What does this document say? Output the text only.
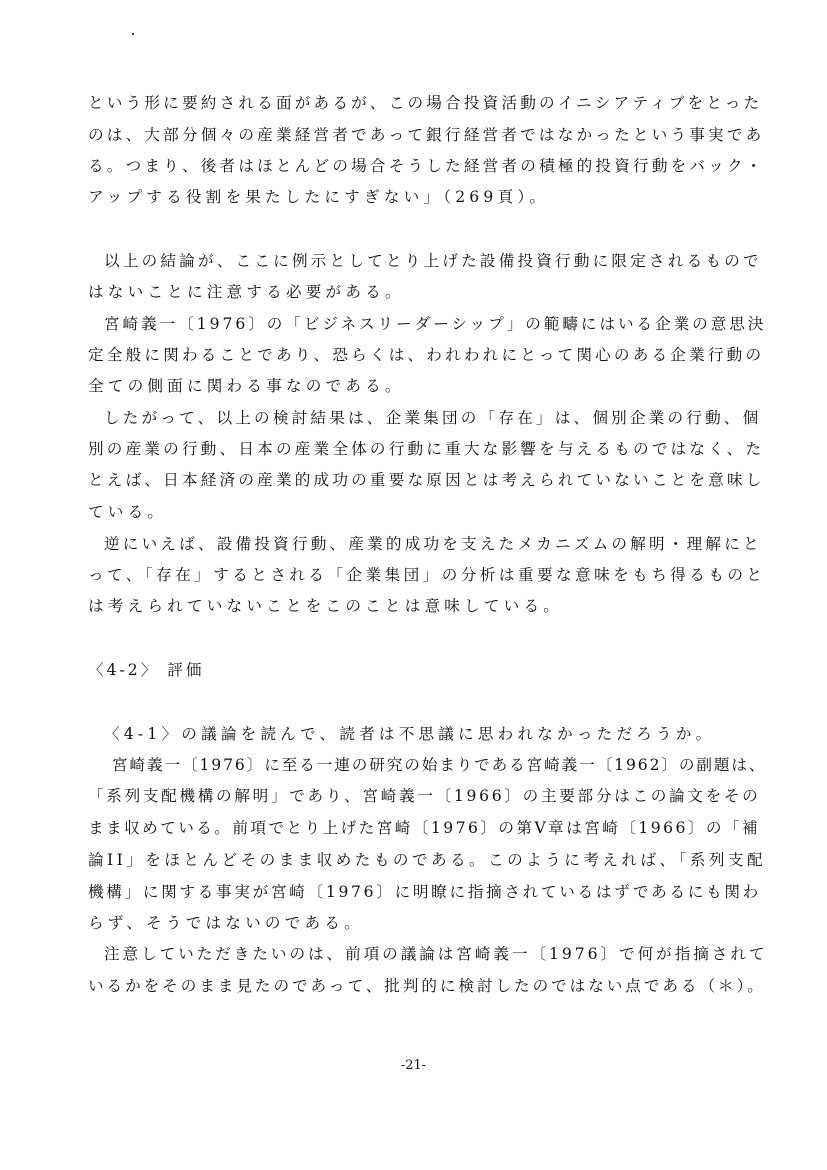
という形に要約される面があるが、この場合投資活動のイニシアティブをとった
のは、大部分個々の産業経営者であって銀行経営者ではなかったという事実であ
る。つまり、後者はほとんどの場合そうした経営者の積極的投資行動をバック・
アップする役割を果たしたにすぎない」（269頁）。
以上の結論が、ここに例示としてとり上げた設備投資行動に限定されるもので
はないことに注意する必要がある。
宮崎義一〔1976〕の「ビジネスリーダーシップ」の範疇にはいる企業の意思決
定全般に関わることであり、恐らくは、われわれにとって関心のある企業行動の
全ての側面に関わる事なのである。
したがって、以上の検討結果は、企業集団の「存在」は、個別企業の行動、個
別の産業の行動、日本の産業全体の行動に重大な影響を与えるものではなく、た
とえば、日本経済の産業的成功の重要な原因とは考えられていないことを意味し
ている。
逆にいえば、設備投資行動、産業的成功を支えたメカニズムの解明・理解にと
って、「存在」するとされる「企業集団」の分析は重要な意味をもち得るものと
は考えられていないことをこのことは意味している。
〈4-2〉 評価
〈4-1〉の議論を読んで、読者は不思議に思われなかっただろうか。
宮崎義一〔1976〕に至る一連の研究の始まりである宮崎義一〔1962〕の副題は、
「系列支配機構の解明」であり、宮崎義一〔1966〕の主要部分はこの論文をその
まま収めている。前項でとり上げた宮崎〔1976〕の第Ⅴ章は宮崎〔1966〕の「補
論II」をほとんどそのまま収めたものである。このように考えれば、「系列支配
機構」に関する事実が宮崎〔1976〕に明瞭に指摘されているはずであるにも関わ
らず、そうではないのである。
注意していただきたいのは、前項の議論は宮崎義一〔1976〕で何が指摘されて
いるかをそのまま見たのであって、批判的に検討したのではない点である（＊）。
-21-
